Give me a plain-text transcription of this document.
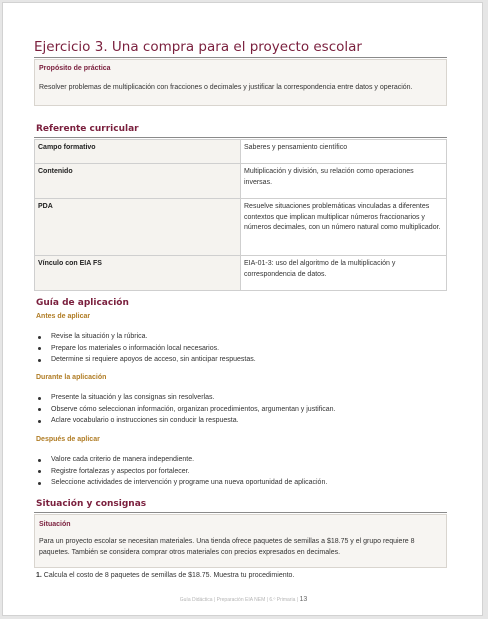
Ejercicio 3. Una compra para el proyecto escolar
Propósito de práctica
Resolver problemas de multiplicación con fracciones o decimales y justificar la correspondencia entre datos y operación.
Referente curricular
Campo formativo	Saberes y pensamiento científico
Contenido	Multiplicación y división, su relación como operaciones inversas.
PDA	Resuelve situaciones problemáticas vinculadas a diferentes contextos que implican multiplicar números fraccionarios y números decimales, con un número natural como multiplicador.
Vínculo con EIA FS	EIA-01-3: uso del algoritmo de la multiplicación y correspondencia de datos.
Guía de aplicación
Antes de aplicar
Revise la situación y la rúbrica.
Prepare los materiales o información local necesarios.
Determine si requiere apoyos de acceso, sin anticipar respuestas.
Durante la aplicación
Presente la situación y las consignas sin resolverlas.
Observe cómo seleccionan información, organizan procedimientos, argumentan y justifican.
Aclare vocabulario o instrucciones sin conducir la respuesta.
Después de aplicar
Valore cada criterio de manera independiente.
Registre fortalezas y aspectos por fortalecer.
Seleccione actividades de intervención y programe una nueva oportunidad de aplicación.
Situación y consignas
Situación
Para un proyecto escolar se necesitan materiales. Una tienda ofrece paquetes de semillas a $18.75 y el grupo requiere 8 paquetes. También se considera comprar otros materiales con precios expresados en decimales.
1. Calcula el costo de 8 paquetes de semillas de $18.75. Muestra tu procedimiento.
Guía Didáctica | Preparación EIA NEM | 6.º Primaria | 13
